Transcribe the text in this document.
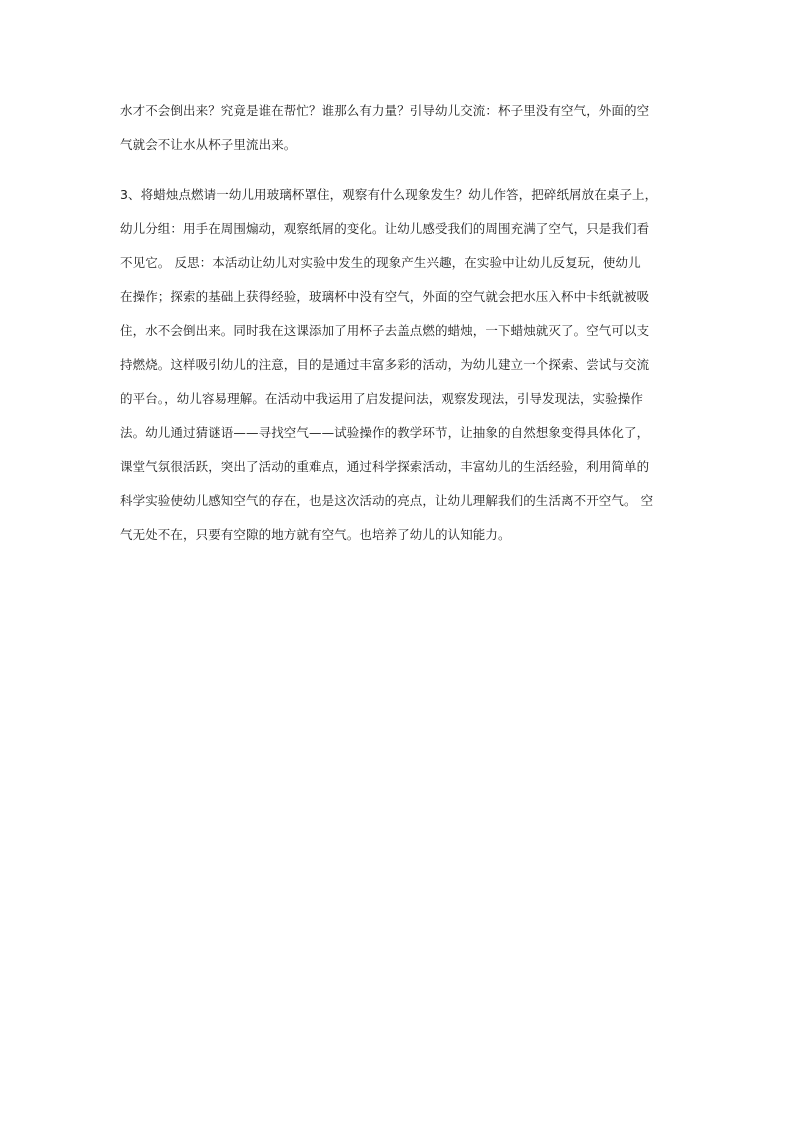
水才不会倒出来？究竟是谁在帮忙？谁那么有力量？引导幼儿交流：杯子里没有空气，外面的空
气就会不让水从杯子里流出来。
3、将蜡烛点燃请一幼儿用玻璃杯罩住，观察有什么现象发生？幼儿作答，把碎纸屑放在桌子上，
幼儿分组：用手在周围煽动，观察纸屑的变化。让幼儿感受我们的周围充满了空气，只是我们看
不见它。 反思：本活动让幼儿对实验中发生的现象产生兴趣，在实验中让幼儿反复玩，使幼儿
在操作；探索的基础上获得经验，玻璃杯中没有空气，外面的空气就会把水压入杯中卡纸就被吸
住，水不会倒出来。同时我在这课添加了用杯子去盖点燃的蜡烛，一下蜡烛就灭了。空气可以支
持燃烧。这样吸引幼儿的注意，目的是通过丰富多彩的活动，为幼儿建立一个探索、尝试与交流
的平台。，幼儿容易理解。在活动中我运用了启发提问法，观察发现法，引导发现法，实验操作
法。幼儿通过猜谜语——寻找空气——试验操作的教学环节，让抽象的自然想象变得具体化了，
课堂气氛很活跃，突出了活动的重难点，通过科学探索活动，丰富幼儿的生活经验，利用简单的
科学实验使幼儿感知空气的存在，也是这次活动的亮点，让幼儿理解我们的生活离不开空气。 空
气无处不在，只要有空隙的地方就有空气。也培养了幼儿的认知能力。
